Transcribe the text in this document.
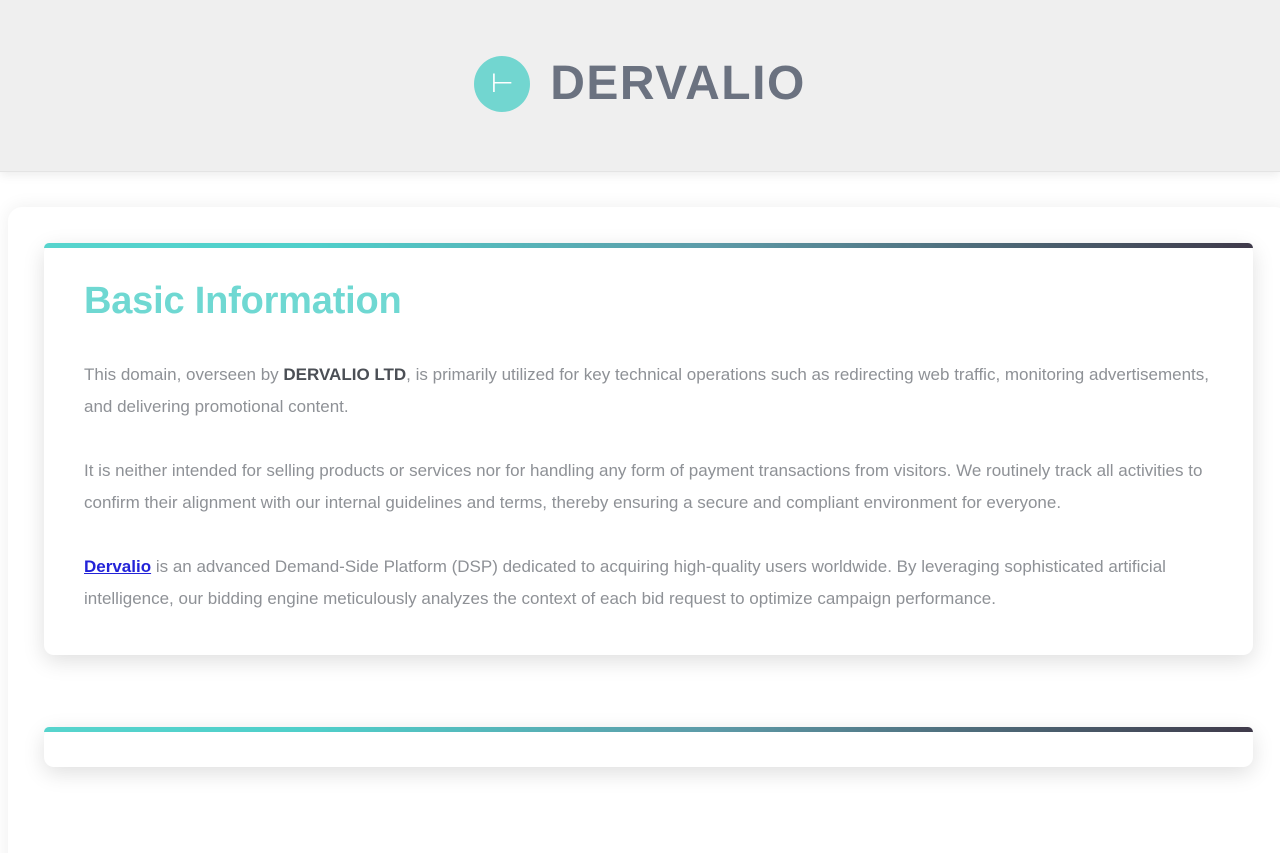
⊢ DERVALIO
Basic Information

This domain, overseen by DERVALIO LTD, is primarily utilized for key technical operations such as redirecting web traffic, monitoring advertisements, and delivering promotional content.

It is neither intended for selling products or services nor for handling any form of payment transactions from visitors. We routinely track all activities to confirm their alignment with our internal guidelines and terms, thereby ensuring a secure and compliant environment for everyone.

Dervalio is an advanced Demand-Side Platform (DSP) dedicated to acquiring high-quality users worldwide. By leveraging sophisticated artificial intelligence, our bidding engine meticulously analyzes the context of each bid request to optimize campaign performance.
